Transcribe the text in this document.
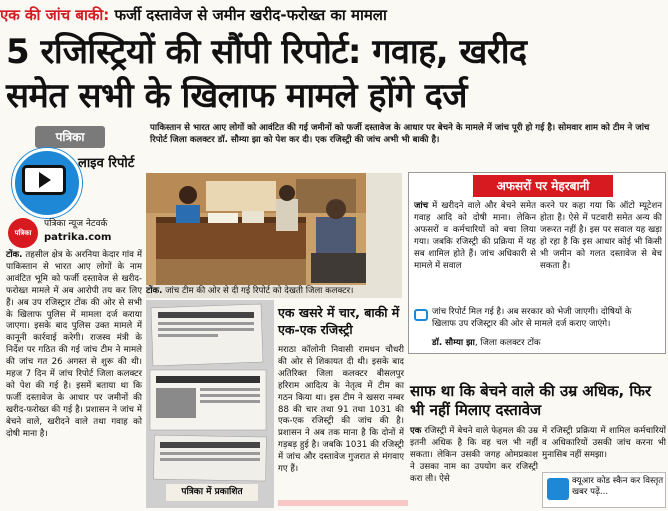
एक की जांच बाकी: फर्जी दस्तावेज से जमीन खरीद-फरोख्त का मामला
5 रजिस्ट्रियों की सौंपी रिपोर्ट: गवाह, खरीद
समेत सभी के खिलाफ मामले होंगे दर्ज
पत्रिका
लाइव रिपोर्ट
पाकिस्तान से भारत आए लोगों को आवंटित की गई जमीनों को फर्जी दस्तावेज के आधार पर बेचने के मामले में जांच पूरी हो गई है। सोमवार शाम को टीम ने जांच रिपोर्ट जिला कलक्टर डॉ. सौम्या झा को पेश कर दी। एक रजिस्ट्री की जांच अभी भी बाकी है।
पत्रिका
पत्रिका न्यूज नेटवर्क
patrika.com
टोंक. तहसील क्षेत्र के अरनिया केदार गांव में पाकिस्तान से भारत आए लोगों के नाम आवंटित भूमि को फर्जी दस्तावेज से खरीद-फरोख्त मामले में अब आरोपी तय कर लिए हैं। अब उप रजिस्ट्रार टोंक की ओर से सभी के खिलाफ पुलिस में मामला दर्ज कराया जाएगा। इसके बाद पुलिस उक्त मामले में कानूनी कार्रवाई करेगी। राजस्व मंत्री के निर्देश पर गठित की गई जांच टीम ने मामले की जांच गत 26 अगस्त से शुरू की थी। महज 7 दिन में जांच रिपोर्ट जिला कलक्टर को पेश की गई है। इसमें बताया था कि फर्जी दस्तावेज के आधार पर जमीनों की खरीद-फरोख्त की गई है। प्रशासन ने जांच में बेचने वाले, खरीदने वाले तथा गवाह को दोषी माना है।
टोंक. जांच टीम की ओर से दी गई रिपोर्ट को देखती जिला कलक्टर।
पत्रिका में प्रकाशित
एक खसरे में चार, बाकी में एक-एक रजिस्ट्री
मराठा कॉलोनी निवासी रामधन चौधरी की ओर से शिकायत दी थी। इसके बाद अतिरिक्त जिला कलक्टर बीसलपुर हरिराम आदित्य के नेतृत्व में टीम का गठन किया था। इस टीम ने खसरा नम्बर 88 की चार तथा 91 तथा 1031 की एक-एक रजिस्ट्री की जांच की है। प्रशासन ने अब तक माना है कि दोनों में गड़बड़ हुई है। जबकि 1031 की रजिस्ट्री में जांच और दस्तावेज गुजरात से मंगवाए गए हैं।
अफसरों पर मेहरबानी
जांच में खरीदने वाले और बेचने समेत गवाह आदि को दोषी माना। लेकिन अफसरों व कर्मचारियों को बचा लिया गया। जबकि रजिस्ट्री की प्रक्रिया में यह सब शामिल होते हैं। जांच अधिकारी से मामले में सवाल
करने पर कहा गया कि ऑटो म्यूटेशन होता है। ऐसे में पटवारी समेत अन्य की जरूरत नहीं है। इस पर सवाल यह खड़ा हो रहा है कि इस आधार कोई भी किसी भी जमीन को गलत दस्तावेज से बेच सकता है।
जांच रिपोर्ट मिल गई है। अब सरकार को भेजी जाएगी। दोषियों के खिलाफ उप रजिस्ट्रार की ओर से मामले दर्ज कराए जाएंगे।
डॉ. सौम्या झा, जिला कलक्टर टोंक
साफ था कि बेचने वाले की उम्र अधिक, फिर भी नहीं मिलाए दस्तावेज
एक रजिस्ट्री में बेचने वाले फेहमल की उम्र इतनी अधिक है कि वह चल भी नहीं सकता। लेकिन उसकी जगह ओमप्रकाश ने उसका नाम का उपयोग कर रजिस्ट्री करा ली। ऐसे
में रजिस्ट्री प्रक्रिया में शामिल कर्मचारियों व अधिकारियों उसकी जांच करना भी मुनासिब नहीं समझा।
क्यूआर कोड स्कैन कर विस्तृत खबर पढ़ें...
